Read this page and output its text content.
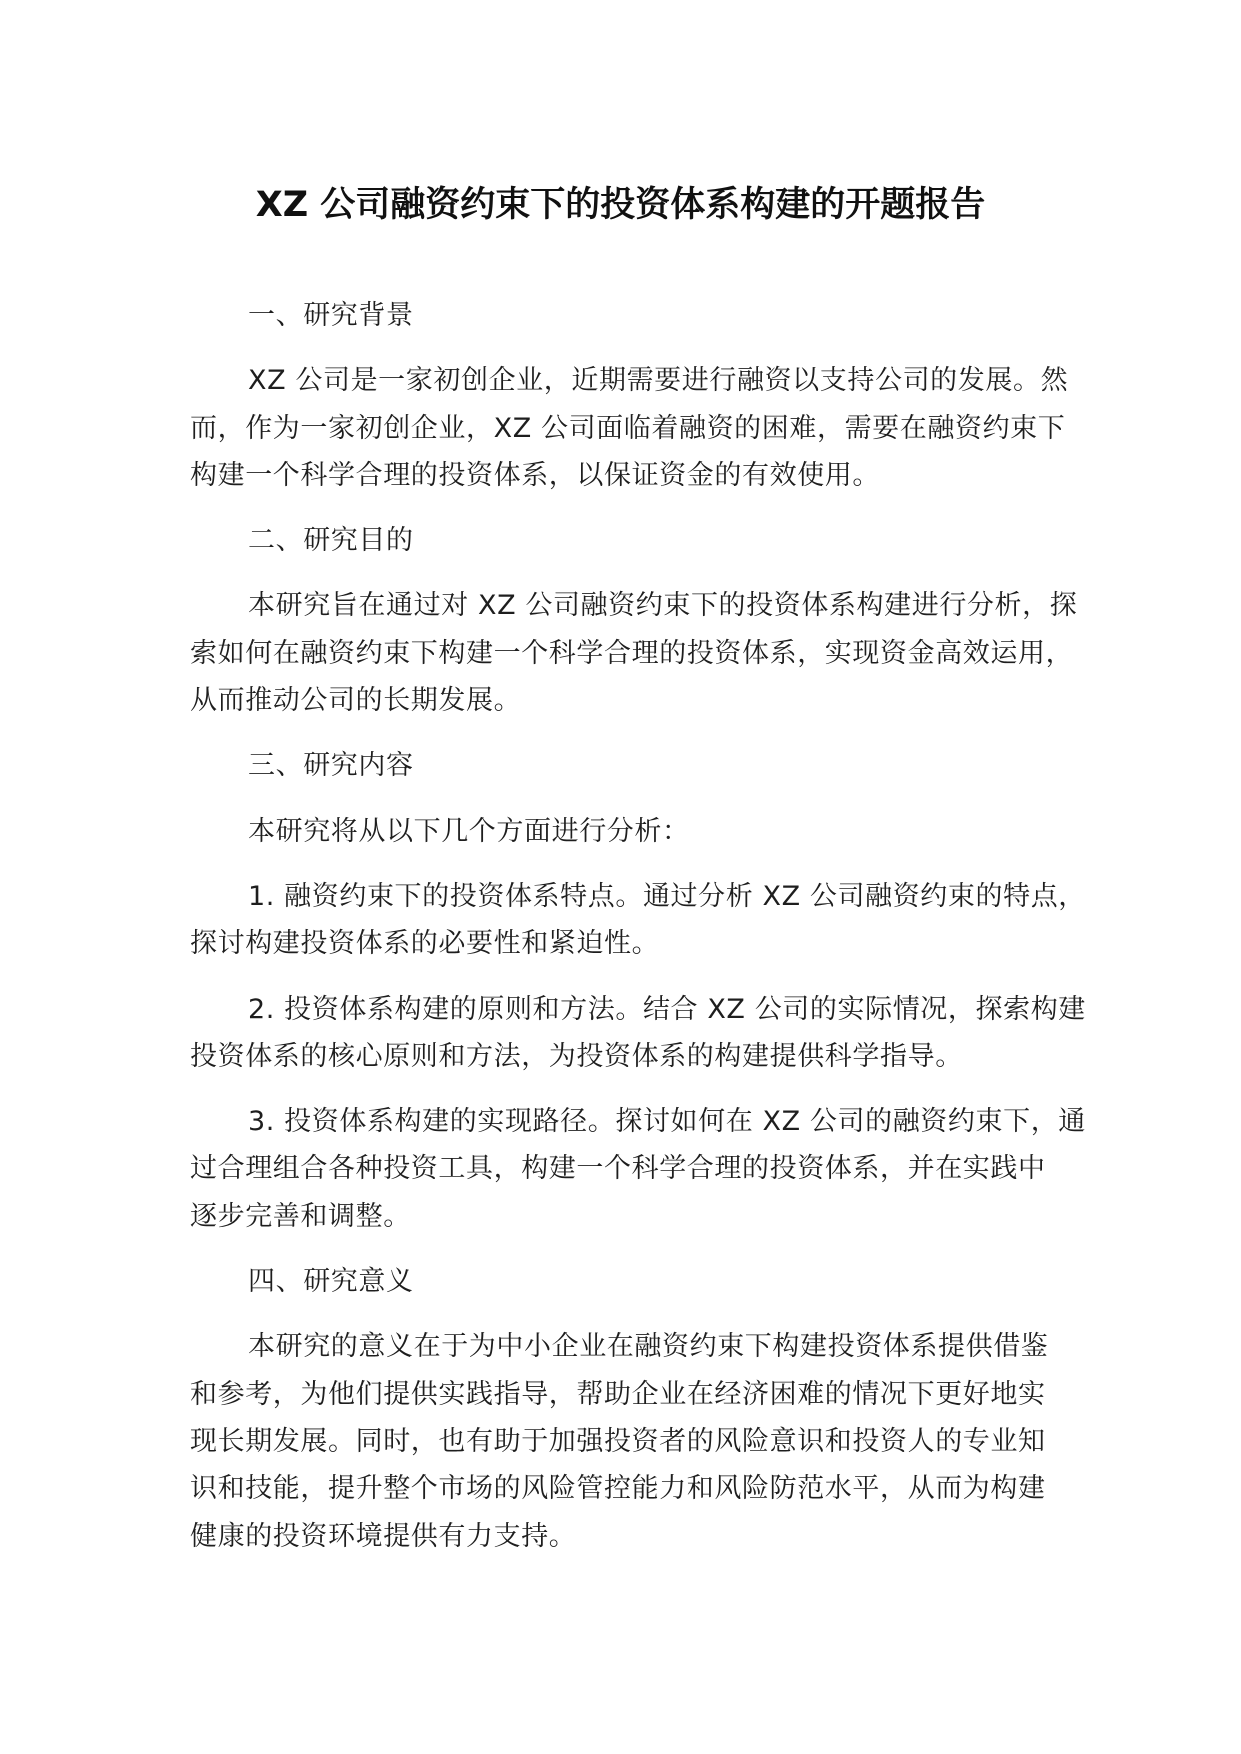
XZ 公司融资约束下的投资体系构建的开题报告
一、研究背景
XZ 公司是一家初创企业，近期需要进行融资以支持公司的发展。然
而，作为一家初创企业，XZ 公司面临着融资的困难，需要在融资约束下
构建一个科学合理的投资体系，以保证资金的有效使用。
二、研究目的
本研究旨在通过对 XZ 公司融资约束下的投资体系构建进行分析，探
索如何在融资约束下构建一个科学合理的投资体系，实现资金高效运用，
从而推动公司的长期发展。
三、研究内容
本研究将从以下几个方面进行分析：
1. 融资约束下的投资体系特点。通过分析 XZ 公司融资约束的特点，
探讨构建投资体系的必要性和紧迫性。
2. 投资体系构建的原则和方法。结合 XZ 公司的实际情况，探索构建
投资体系的核心原则和方法，为投资体系的构建提供科学指导。
3. 投资体系构建的实现路径。探讨如何在 XZ 公司的融资约束下，通
过合理组合各种投资工具，构建一个科学合理的投资体系，并在实践中
逐步完善和调整。
四、研究意义
本研究的意义在于为中小企业在融资约束下构建投资体系提供借鉴
和参考，为他们提供实践指导，帮助企业在经济困难的情况下更好地实
现长期发展。同时，也有助于加强投资者的风险意识和投资人的专业知
识和技能，提升整个市场的风险管控能力和风险防范水平，从而为构建
健康的投资环境提供有力支持。
